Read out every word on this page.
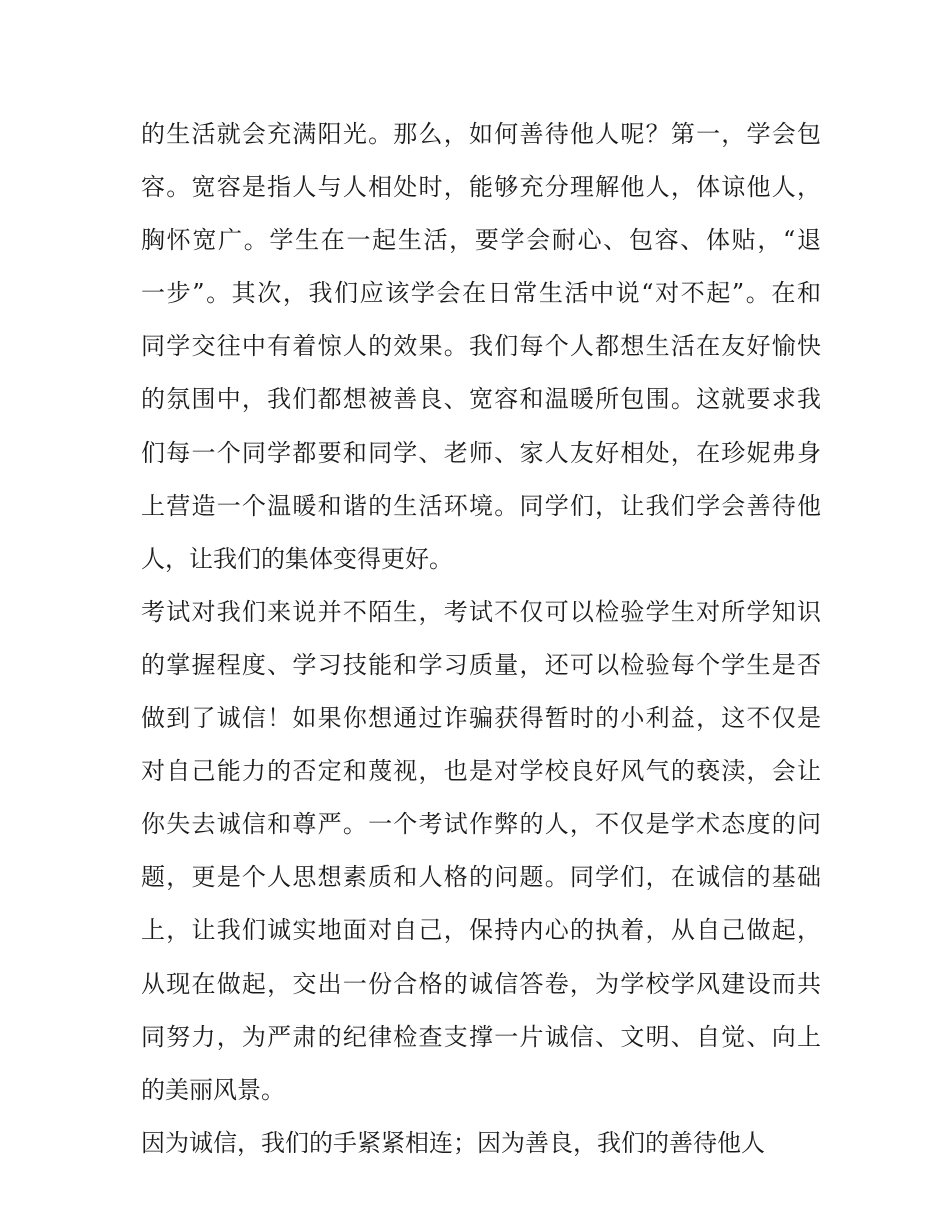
的生活就会充满阳光。那么，如何善待他人呢？第一，学会包
容。宽容是指人与人相处时，能够充分理解他人，体谅他人，
胸怀宽广。学生在一起生活，要学会耐心、包容、体贴，“退
一步”。其次，我们应该学会在日常生活中说“对不起”。在和
同学交往中有着惊人的效果。我们每个人都想生活在友好愉快
的氛围中，我们都想被善良、宽容和温暖所包围。这就要求我
们每一个同学都要和同学、老师、家人友好相处，在珍妮弗身
上营造一个温暖和谐的生活环境。同学们，让我们学会善待他
人，让我们的集体变得更好。
考试对我们来说并不陌生，考试不仅可以检验学生对所学知识
的掌握程度、学习技能和学习质量，还可以检验每个学生是否
做到了诚信！如果你想通过诈骗获得暂时的小利益，这不仅是
对自己能力的否定和蔑视，也是对学校良好风气的亵渎，会让
你失去诚信和尊严。一个考试作弊的人，不仅是学术态度的问
题，更是个人思想素质和人格的问题。同学们，在诚信的基础
上，让我们诚实地面对自己，保持内心的执着，从自己做起，
从现在做起，交出一份合格的诚信答卷，为学校学风建设而共
同努力，为严肃的纪律检查支撑一片诚信、文明、自觉、向上
的美丽风景。
因为诚信，我们的手紧紧相连；因为善良，我们的善待他人
